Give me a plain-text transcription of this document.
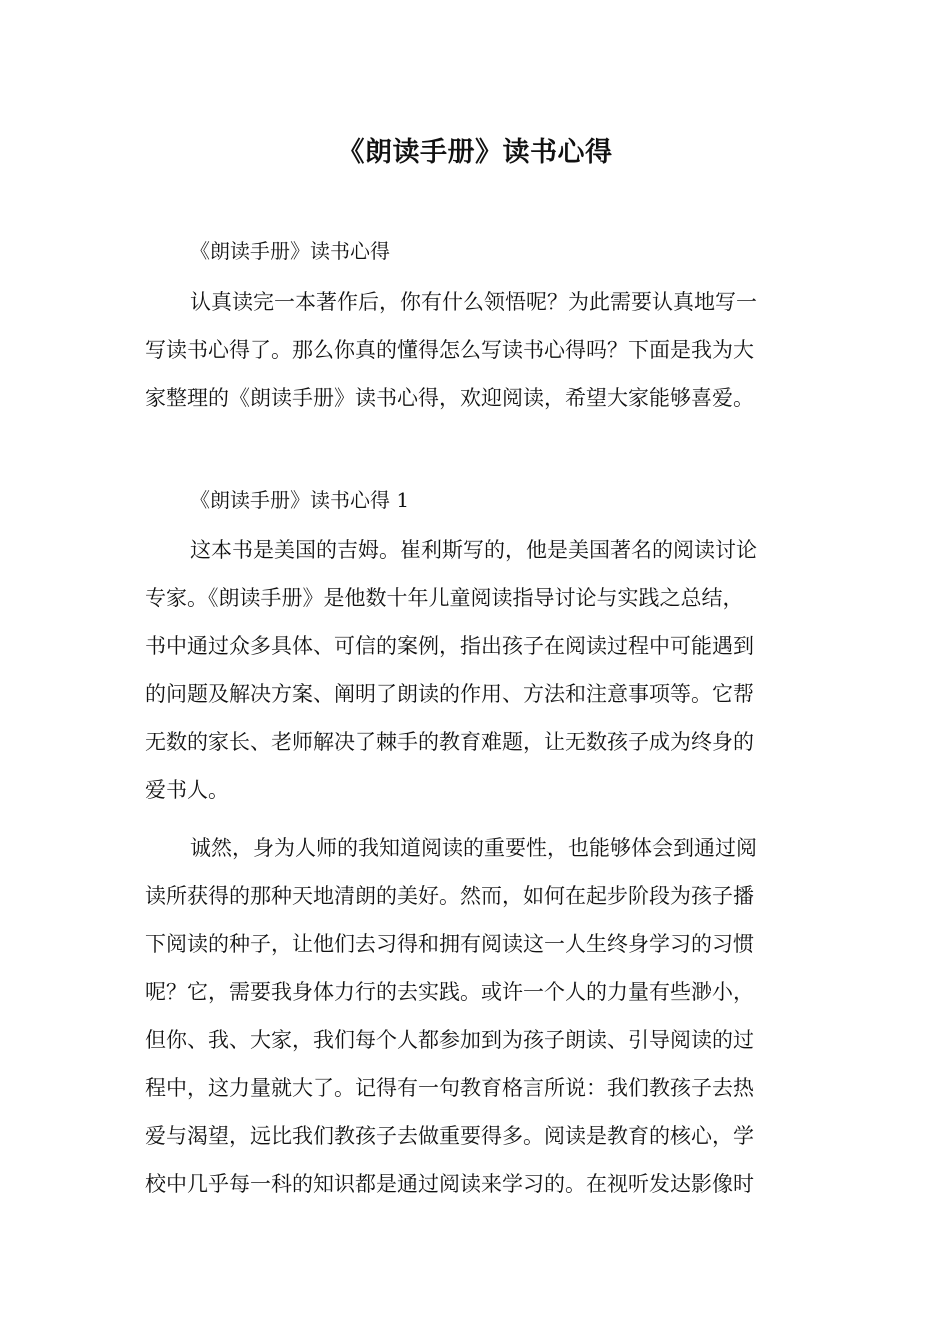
《朗读手册》读书心得
《朗读手册》读书心得
认真读完一本著作后，你有什么领悟呢？为此需要认真地写一
写读书心得了。那么你真的懂得怎么写读书心得吗？下面是我为大
家整理的《朗读手册》读书心得，欢迎阅读，希望大家能够喜爱。
《朗读手册》读书心得 1
这本书是美国的吉姆。崔利斯写的，他是美国著名的阅读讨论
专家。《朗读手册》是他数十年儿童阅读指导讨论与实践之总结，
书中通过众多具体、可信的案例，指出孩子在阅读过程中可能遇到
的问题及解决方案、阐明了朗读的作用、方法和注意事项等。它帮
无数的家长、老师解决了棘手的教育难题，让无数孩子成为终身的
爱书人。
诚然，身为人师的我知道阅读的重要性，也能够体会到通过阅
读所获得的那种天地清朗的美好。然而，如何在起步阶段为孩子播
下阅读的种子，让他们去习得和拥有阅读这一人生终身学习的习惯
呢？它，需要我身体力行的去实践。或许一个人的力量有些渺小，
但你、我、大家，我们每个人都参加到为孩子朗读、引导阅读的过
程中，这力量就大了。记得有一句教育格言所说：我们教孩子去热
爱与渴望，远比我们教孩子去做重要得多。阅读是教育的核心，学
校中几乎每一科的知识都是通过阅读来学习的。在视听发达影像时
